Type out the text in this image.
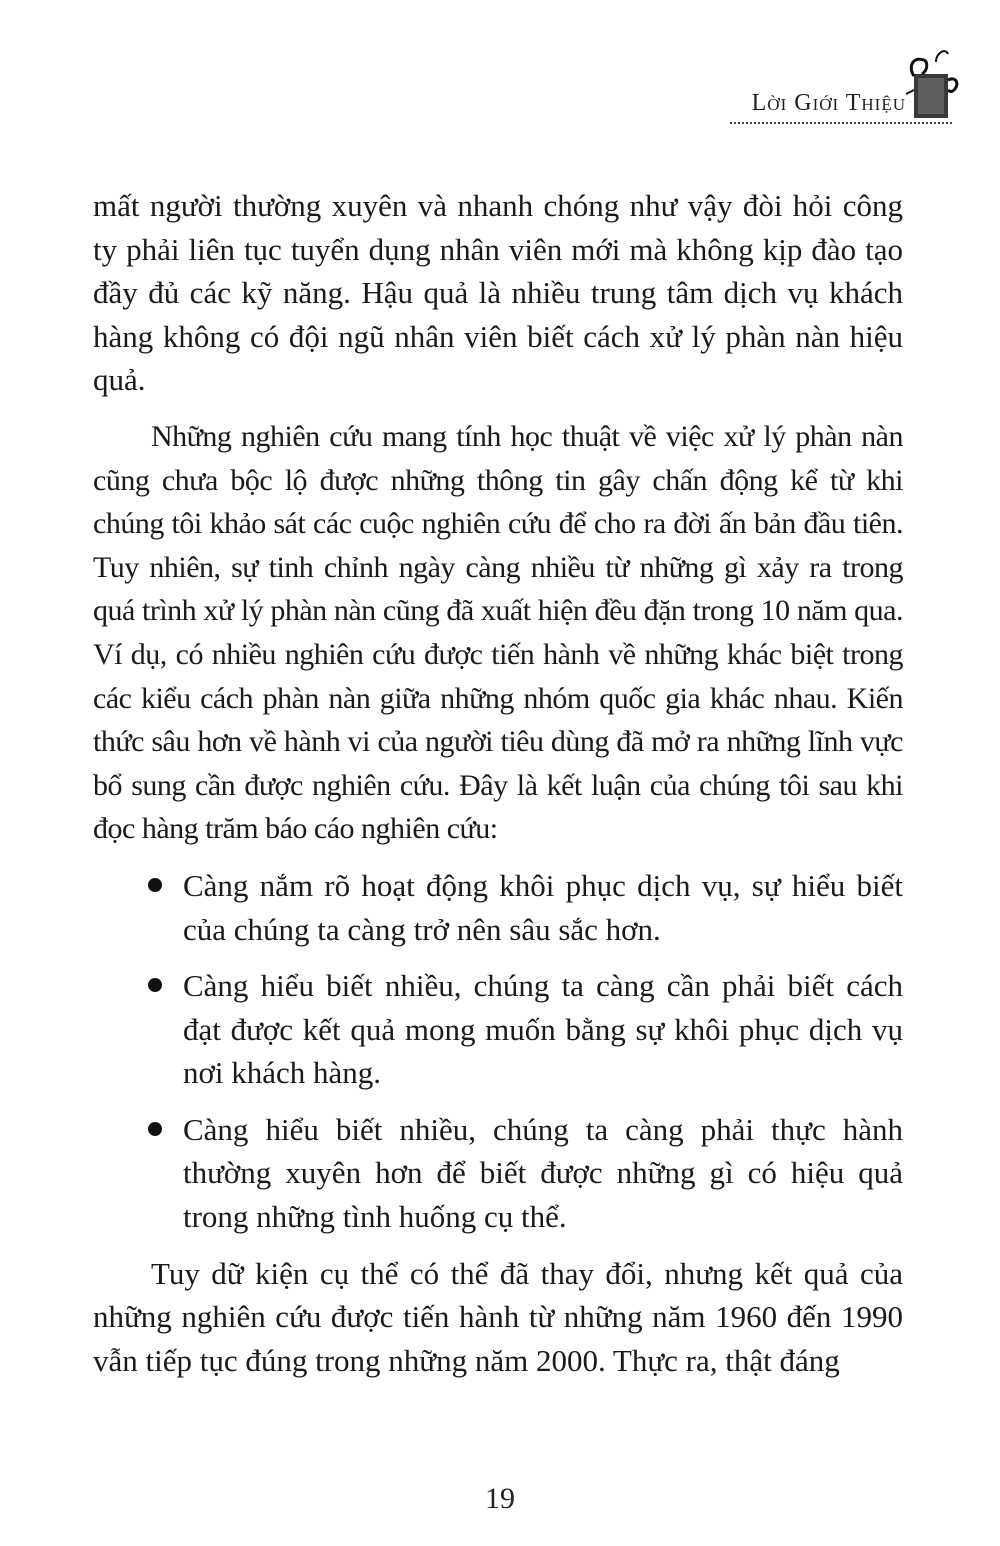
Lời Giới Thiệu

mất người thường xuyên và nhanh chóng như vậy đòi hỏi công ty phải liên tục tuyển dụng nhân viên mới mà không kịp đào tạo đầy đủ các kỹ năng. Hậu quả là nhiều trung tâm dịch vụ khách hàng không có đội ngũ nhân viên biết cách xử lý phàn nàn hiệu quả.

Những nghiên cứu mang tính học thuật về việc xử lý phàn nàn cũng chưa bộc lộ được những thông tin gây chấn động kể từ khi chúng tôi khảo sát các cuộc nghiên cứu để cho ra đời ấn bản đầu tiên. Tuy nhiên, sự tinh chỉnh ngày càng nhiều từ những gì xảy ra trong quá trình xử lý phàn nàn cũng đã xuất hiện đều đặn trong 10 năm qua. Ví dụ, có nhiều nghiên cứu được tiến hành về những khác biệt trong các kiểu cách phàn nàn giữa những nhóm quốc gia khác nhau. Kiến thức sâu hơn về hành vi của người tiêu dùng đã mở ra những lĩnh vực bổ sung cần được nghiên cứu. Đây là kết luận của chúng tôi sau khi đọc hàng trăm báo cáo nghiên cứu:

Càng nắm rõ hoạt động khôi phục dịch vụ, sự hiểu biết của chúng ta càng trở nên sâu sắc hơn.
Càng hiểu biết nhiều, chúng ta càng cần phải biết cách đạt được kết quả mong muốn bằng sự khôi phục dịch vụ nơi khách hàng.
Càng hiểu biết nhiều, chúng ta càng phải thực hành thường xuyên hơn để biết được những gì có hiệu quả trong những tình huống cụ thể.

Tuy dữ kiện cụ thể có thể đã thay đổi, nhưng kết quả của những nghiên cứu được tiến hành từ những năm 1960 đến 1990 vẫn tiếp tục đúng trong những năm 2000. Thực ra, thật đáng

19
